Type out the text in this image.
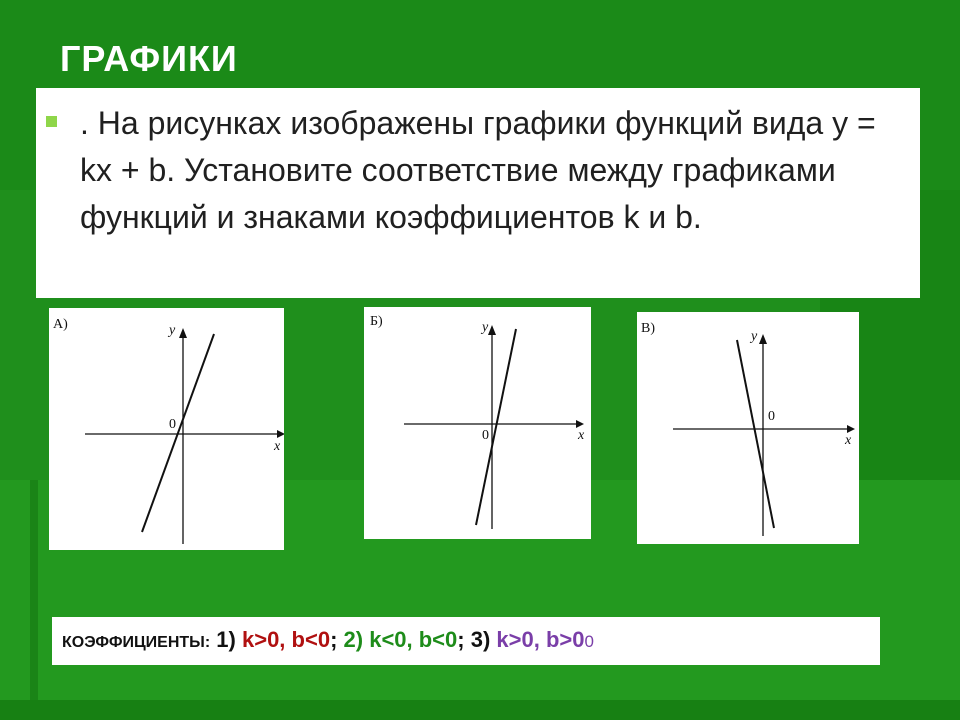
ГРАФИКИ
. На рисунках изображены графики функций вида y = kx + b. Установите соответствие между графиками функций и знаками коэффициентов k и b.
А)	y
x
0
Б)	y
x
0
В)
y
x
0
КОЭФФИЦИЕНТЫ: 1) k>0, b<0; 2) k<0, b<0; 3) k>0, b>00
